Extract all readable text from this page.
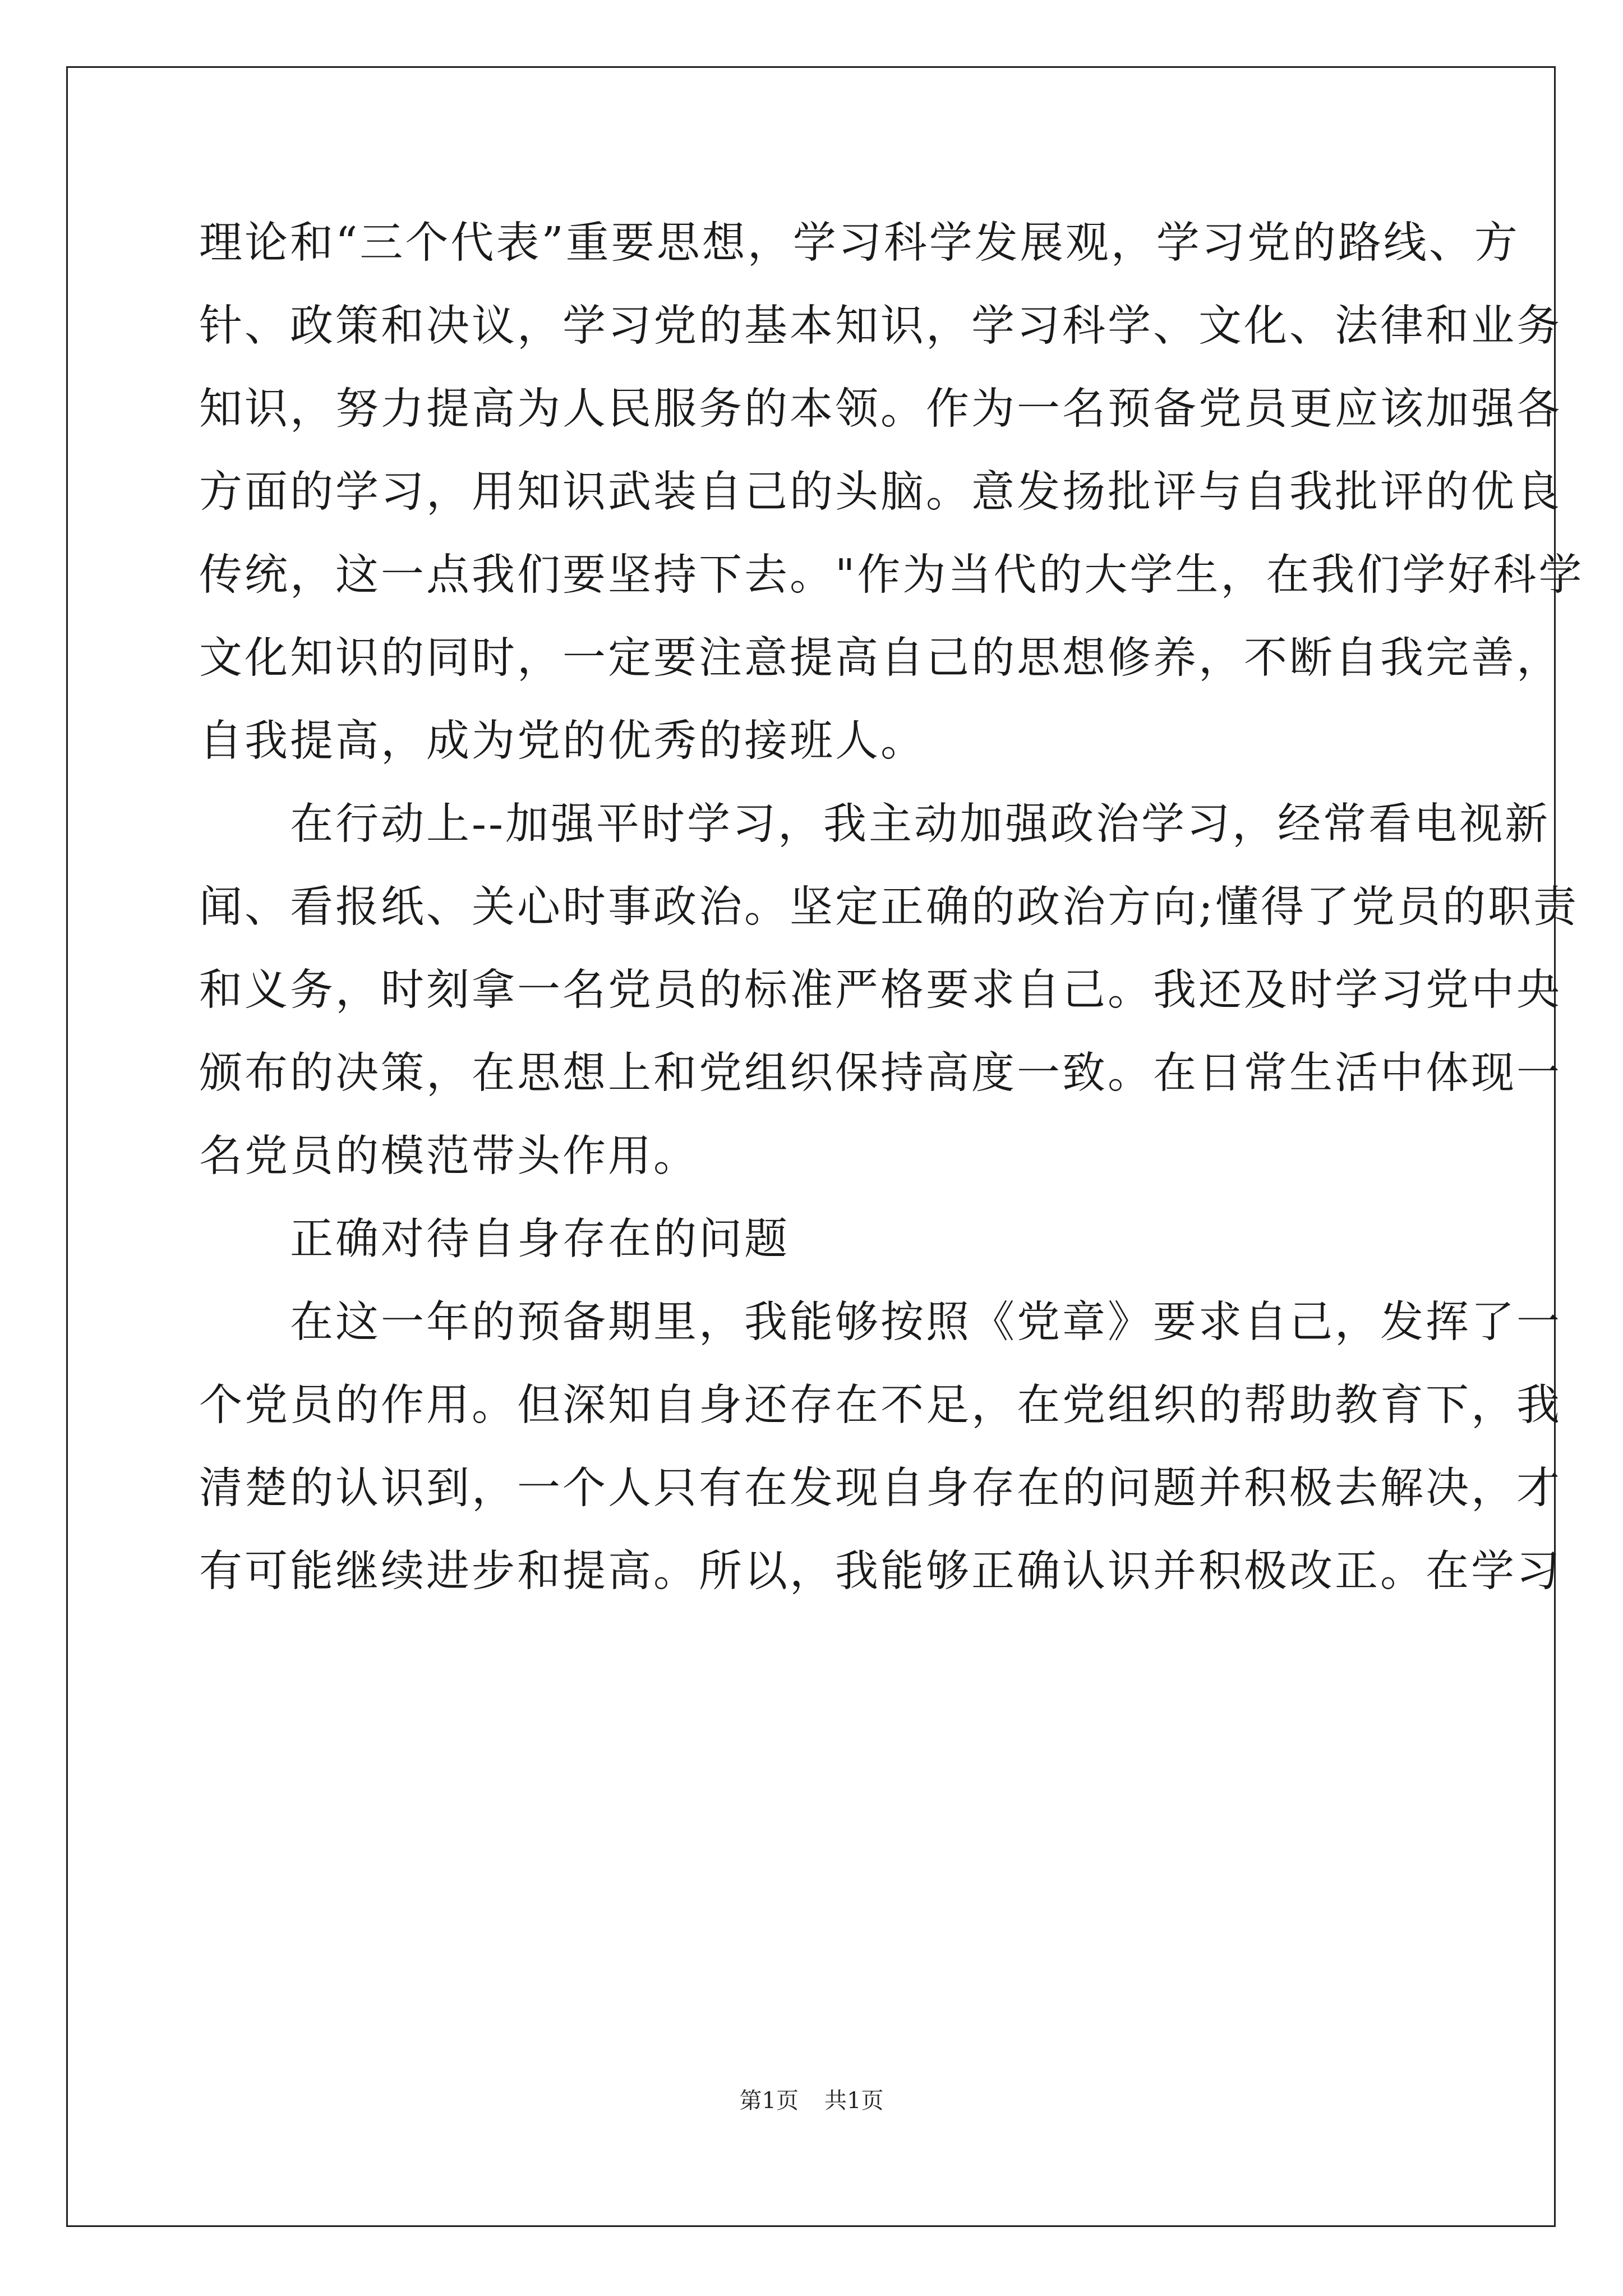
理论和“三个代表”重要思想，学习科学发展观，学习党的路线、方
针、政策和决议，学习党的基本知识，学习科学、文化、法律和业务
知识，努力提高为人民服务的本领。作为一名预备党员更应该加强各
方面的学习，用知识武装自己的头脑。意发扬批评与自我批评的优良
传统，这一点我们要坚持下去。"作为当代的大学生，在我们学好科学
文化知识的同时，一定要注意提高自己的思想修养，不断自我完善，
自我提高，成为党的优秀的接班人。
　　在行动上--加强平时学习，我主动加强政治学习，经常看电视新
闻、看报纸、关心时事政治。坚定正确的政治方向;懂得了党员的职责
和义务，时刻拿一名党员的标准严格要求自己。我还及时学习党中央
颁布的决策，在思想上和党组织保持高度一致。在日常生活中体现一
名党员的模范带头作用。
　　正确对待自身存在的问题
　　在这一年的预备期里，我能够按照《党章》要求自己，发挥了一
个党员的作用。但深知自身还存在不足，在党组织的帮助教育下，我
清楚的认识到，一个人只有在发现自身存在的问题并积极去解决，才
有可能继续进步和提高。所以，我能够正确认识并积极改正。在学习
第1页 共1页
